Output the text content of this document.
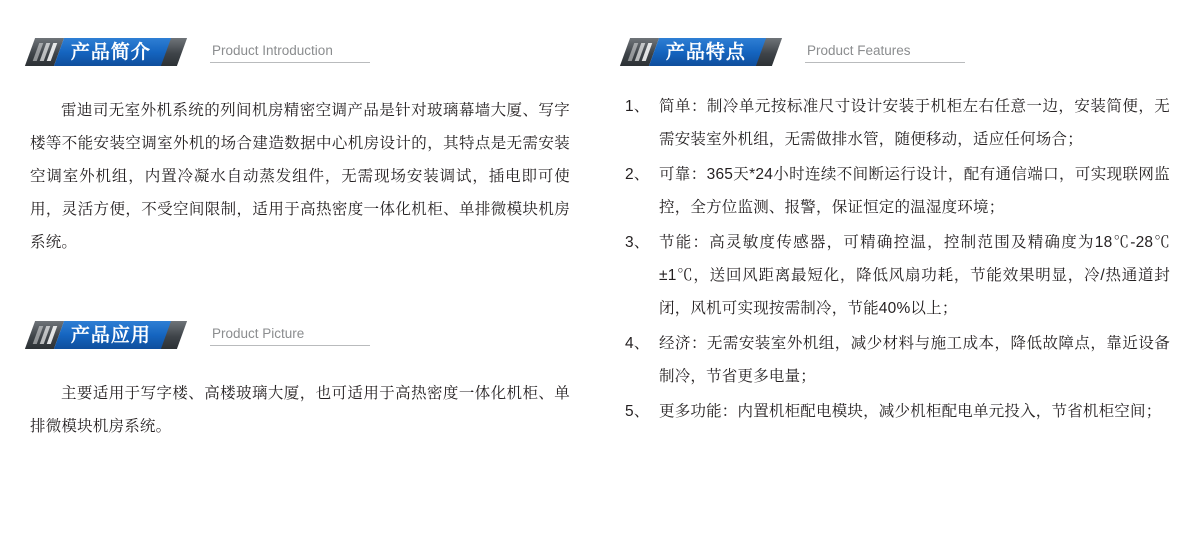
产品简介	Product Introduction
雷迪司无室外机系统的列间机房精密空调产品是针对玻璃幕墙大厦、写字楼等不能安装空调室外机的场合建造数据中心机房设计的，其特点是无需安装空调室外机组，内置冷凝水自动蒸发组件，无需现场安装调试，插电即可使用，灵活方便，不受空间限制，适用于高热密度一体化机柜、单排微模块机房系统。
产品应用	Product Picture
主要适用于写字楼、高楼玻璃大厦，也可适用于高热密度一体化机柜、单排微模块机房系统。
产品特点	Product Features
1、 简单：制冷单元按标准尺寸设计安装于机柜左右任意一边，安装简便，无需安装室外机组，无需做排水管，随便移动，适应任何场合；
2、 可靠：365天*24小时连续不间断运行设计，配有通信端口，可实现联网监控，全方位监测、报警，保证恒定的温湿度环境；
3、 节能：高灵敏度传感器，可精确控温，控制范围及精确度为18℃-28℃±1℃，送回风距离最短化，降低风扇功耗，节能效果明显，冷/热通道封闭，风机可实现按需制冷，节能40%以上；
4、 经济：无需安装室外机组，减少材料与施工成本，降低故障点，靠近设备制冷，节省更多电量；
5、 更多功能：内置机柜配电模块，减少机柜配电单元投入，节省机柜空间；
